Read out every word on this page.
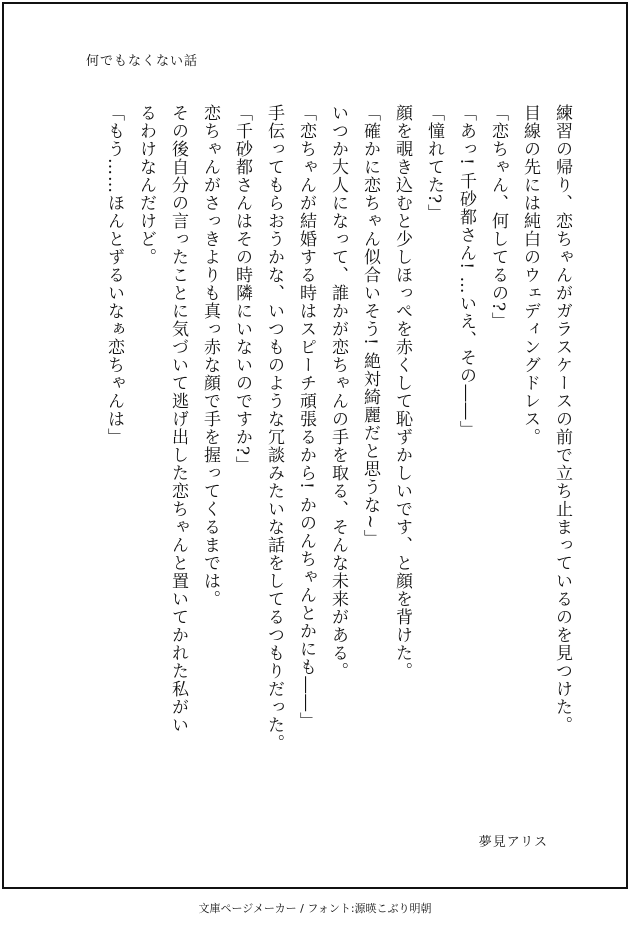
何でもなくない話

練習の帰り、恋ちゃんがガラスケースの前で立ち止まっているのを見つけた。

目線の先には純白のウェディングドレス。

「恋ちゃん、何してるの?」

「あっ! 千砂都さん! …いえ、その――」

「憧れてた?」

顔を覗き込むと少しほっぺを赤くして恥ずかしいです、と顔を背けた。

「確かに恋ちゃん似合いそう! 絶対綺麗だと思うな~」

いつか大人になって、誰かが恋ちゃんの手を取る、そんな未来がある。

「恋ちゃんが結婚する時はスピーチ頑張るから! かのんちゃんとかにも――」

手伝ってもらおうかな、いつものような冗談みたいな話をしてるつもりだった。

「千砂都さんはその時隣にいないのですか?」

恋ちゃんがさっきよりも真っ赤な顔で手を握ってくるまでは。

その後自分の言ったことに気づいて逃げ出した恋ちゃんと置いてかれた私がい

るわけなんだけど。

「もう……ほんとずるいなぁ恋ちゃんは」

夢見アリス
文庫ページメーカー / フォント:源暎こぶり明朝
